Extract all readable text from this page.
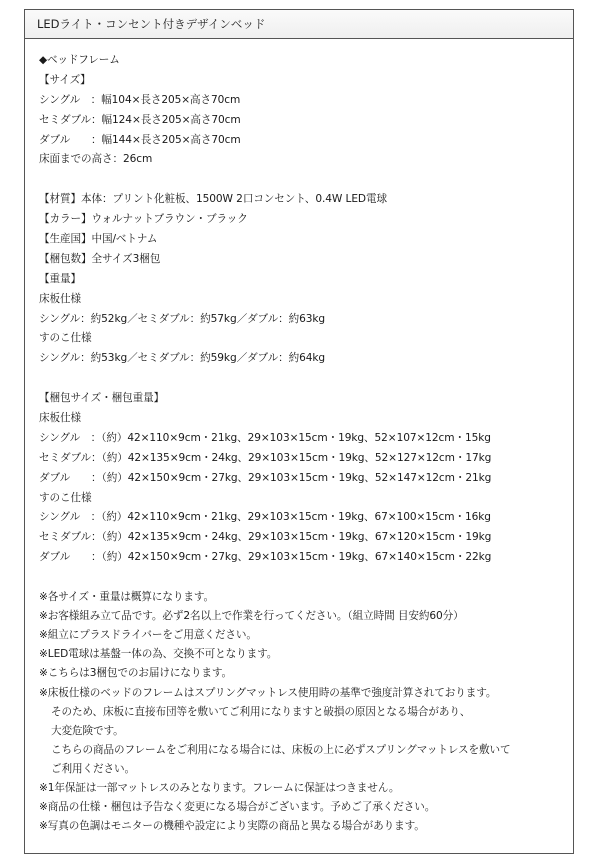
LEDライト・コンセント付きデザインベッド
◆ベッドフレーム
【サイズ】
シングル　：幅104×長さ205×高さ70cm
セミダブル：幅124×長さ205×高さ70cm
ダブル　　：幅144×長さ205×高さ70cm
床面までの高さ：26cm
【材質】本体：プリント化粧板、1500W 2口コンセント、0.4W LED電球
【カラー】ウォルナットブラウン・ブラック
【生産国】中国/ベトナム
【梱包数】全サイズ3梱包
【重量】
床板仕様
シングル：約52kg／セミダブル：約57kg／ダブル：約63kg
すのこ仕様
シングル：約53kg／セミダブル：約59kg／ダブル：約64kg
【梱包サイズ・梱包重量】
床板仕様
シングル　：（約）42×110×9cm・21kg、29×103×15cm・19kg、52×107×12cm・15kg
セミダブル：（約）42×135×9cm・24kg、29×103×15cm・19kg、52×127×12cm・17kg
ダブル　　：（約）42×150×9cm・27kg、29×103×15cm・19kg、52×147×12cm・21kg
すのこ仕様
シングル　：（約）42×110×9cm・21kg、29×103×15cm・19kg、67×100×15cm・16kg
セミダブル：（約）42×135×9cm・24kg、29×103×15cm・19kg、67×120×15cm・19kg
ダブル　　：（約）42×150×9cm・27kg、29×103×15cm・19kg、67×140×15cm・22kg
※各サイズ・重量は概算になります。
※お客様組み立て品です。必ず2名以上で作業を行ってください。（組立時間 目安約60分）
※組立にプラスドライバーをご用意ください。
※LED電球は基盤一体の為、交換不可となります。
※こちらは3梱包でのお届けになります。
※床板仕様のベッドのフレームはスプリングマットレス使用時の基準で強度計算されております。
そのため、床板に直接布団等を敷いてご利用になりますと破損の原因となる場合があり、
大変危険です。
こちらの商品のフレームをご利用になる場合には、床板の上に必ずスプリングマットレスを敷いて
ご利用ください。
※1年保証は一部マットレスのみとなります。フレームに保証はつきません。
※商品の仕様・梱包は予告なく変更になる場合がございます。予めご了承ください。
※写真の色調はモニターの機種や設定により実際の商品と異なる場合があります。
